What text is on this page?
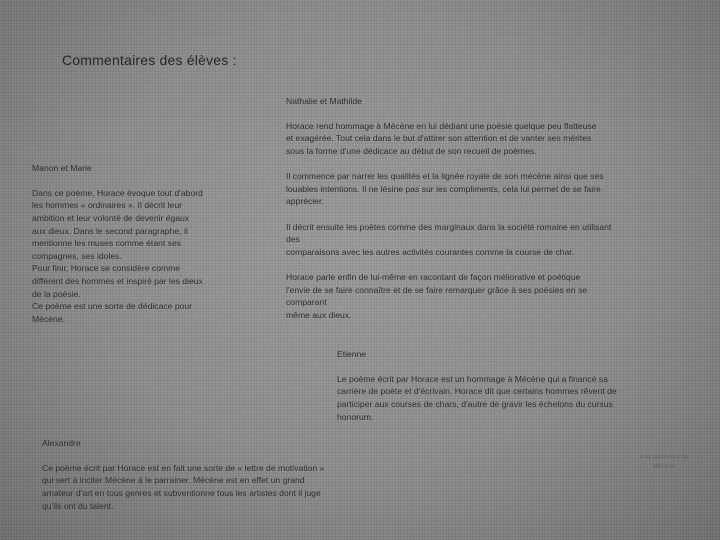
Commentaires des élèves :

Nathalie et Mathilde

Horace rend hommage à Mécène en lui dédiant une poésie quelque peu flatteuse
et exagérée. Tout cela dans le but d'attirer son attention et de vanter ses mérites
sous la forme d'une dédicace au début de son recueil de poèmes.

Il commence par narrer les qualités et la lignée royale de son mécène ainsi que ses
louables intentions. Il ne lésine pas sur les compliments, cela lui permet de se faire
apprécier.

Il décrit ensuite les poètes comme des marginaux dans la société romaine en utilisant
des
comparaisons avec les autres activités courantes comme la course de char.

Horace parle enfin de lui-même en racontant de façon méliorative et poétique
l'envie de se faire connaître et de se faire remarquer grâce à ses poésies en se
comparant
même aux dieux.

Manon et Marie

Dans ce poème, Horace évoque tout d'abord
les hommes « ordinaires ». Il décrit leur
ambition et leur volonté de devenir égaux
aux dieux. Dans le second paragraphe, il
mentionne les muses comme étant ses
compagnes, ses idoles.
Pour finir, Horace se considère comme
différent des hommes et inspiré par les dieux
de la poésie.
Ce poème est une sorte de dédicace pour
Mécène.

Etienne

Le poème écrit par Horace est un hommage à Mécène qui a financé sa
carrière de poète et d'écrivain. Horace dit que certains hommes rêvent de
participer aux courses de chars, d'autre de gravir les échelons du cursus
honorum.

Alexandre

Ce poème écrit par Horace est en fait une sorte de « lettre de motivation »
qui sert à inciter Mécène à le parrainer. Mécène est en effet un grand
amateur d'art en tous genres et subventionne tous les artistes dont il juge
qu'ils ont du talent.

A la rencontre de
Mécène
